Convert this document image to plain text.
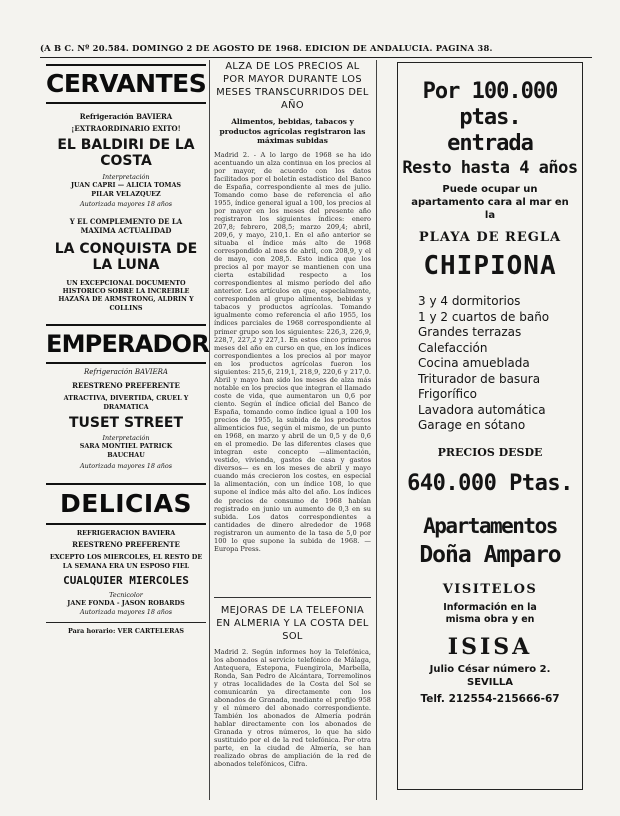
(A B C. Nº 20.584. DOMINGO 2 DE AGOSTO DE 1968. EDICION DE ANDALUCIA. PAGINA 38.
CERVANTES
Refrigeración BAVIERA
¡EXTRAORDINARIO EXITO!
EL BALDIRI DE LA COSTA
Interpretación
JUAN CAPRI — ALICIA TOMAS PILAR VELAZQUEZ
Autorizada mayores 18 años
Y EL COMPLEMENTO DE LA MAXIMA ACTUALIDAD
LA CONQUISTA DE LA LUNA
UN EXCEPCIONAL DOCUMENTO HISTORICO SOBRE LA INCREIBLE HAZAÑA DE ARMSTRONG, ALDRIN Y COLLINS
EMPERADOR
Refrigeración BAVIERA
REESTRENO PREFERENTE
ATRACTIVA, DIVERTIDA, CRUEL Y DRAMATICA
TUSET STREET
Interpretación
SARA MONTIEL PATRICK BAUCHAU
Autorizada mayores 18 años
DELICIAS
REFRIGERACION BAVIERA
REESTRENO PREFERENTE
EXCEPTO LOS MIERCOLES, EL RESTO DE LA SEMANA ERA UN ESPOSO FIEL
CUALQUIER MIERCOLES
Tecnicolor
JANE FONDA - JASON ROBARDS
Autorizada mayores 18 años
Para horario: VER CARTELERAS
ALZA DE LOS PRECIOS AL POR MAYOR DURANTE LOS MESES TRANSCURRIDOS DEL AÑO
Alimentos, bebidas, tabacos y productos agrícolas registraron las máximas subidas
Madrid 2. - A lo largo de 1968 se ha ido acentuando un alza continua en los precios al por mayor, de acuerdo con los datos facilitados por el boletín estadístico del Banco de España, correspondiente al mes de julio. Tomando como base de referencia el año 1955, índice general igual a 100, los precios al por mayor en los meses del presente año registraron los siguientes índices: enero 207,8; febrero, 208,5; marzo 209,4; abril, 209,6, y mayo, 210,1. En el año anterior se situaba el índice más alto de 1968 correspondido al mes de abril, con 208,9, y el de mayo, con 208,5. Esto indica que los precios al por mayor se mantienen con una cierta estabilidad respecto a los correspondientes al mismo período del año anterior. Los artículos en que, especialmente, corresponden al grupo alimentos, bebidas y tabacos y productos agrícolas. Tomando igualmente como referencia el año 1955, los índices parciales de 1968 correspondiente al primer grupo son los siguientes: 226,3, 226,9, 228,7, 227,2 y 227,1. En estos cinco primeros meses del año en curso en que, en los índices correspondientes a los precios al por mayor en los productos agrícolas fueron los siguientes: 215,6, 219,1, 218,9, 220,6 y 217,0. Abril y mayo han sido los meses de alza más notable en los precios que integran el llamado coste de vida, que aumentaron un 0,6 por ciento. Según el índice oficial del Banco de España, tomando como índice igual a 100 los precios de 1955, la subida de los productos alimenticios fue, según el mismo, de un punto en 1968, en marzo y abril de un 0,5 y de 0,6 en el promedio. De las diferentes clases que integran este concepto —alimentación, vestido, vivienda, gastos de casa y gastos diversos— es en los meses de abril y mayo cuando más crecieron los costes, en especial la alimentación, con un índice 108, lo que supone el índice más alto del año. Los índices de precios de consumo de 1968 habían registrado en junio un aumento de 0,3 en su subida. Los datos correspondientes a cantidades de dinero alrededor de 1968 registraron un aumento de la tasa de 5,0 por 100 lo que supone la subida de 1968. — Europa Press.
MEJORAS DE LA TELEFONIA EN ALMERIA Y LA COSTA DEL SOL
Madrid 2. Según informes hoy la Telefónica, los abonados al servicio telefónico de Málaga, Antequera, Estepona, Fuengirola, Marbella, Ronda, San Pedro de Alcántara, Torremolinos y otras localidades de la Costa del Sol se comunicarán ya directamente con los abonados de Granada, mediante el prefijo 958 y el número del abonado correspondiente. También los abonados de Almería podrán hablar directamente con los abonados de Granada y otros números, lo que ha sido sustituido por el de la red telefónica. Por otra parte, en la ciudad de Almería, se han realizado obras de ampliación de la red de abonados telefónicos, Cifra.
Por 100.000 ptas.
entrada
Resto hasta 4 años
Puede ocupar un apartamento cara al mar en la
PLAYA DE REGLA
CHIPIONA
3 y 4 dormitorios
1 y 2 cuartos de baño
Grandes terrazas
Calefacción
Cocina amueblada
Triturador de basura
Frigorífico
Lavadora automática
Garage en sótano
PRECIOS DESDE
640.000 Ptas.
Apartamentos
Doña Amparo
VISITELOS
Información en la misma obra y en
ISISA
Julio César número 2. SEVILLA
Telf. 212554-215666-67
